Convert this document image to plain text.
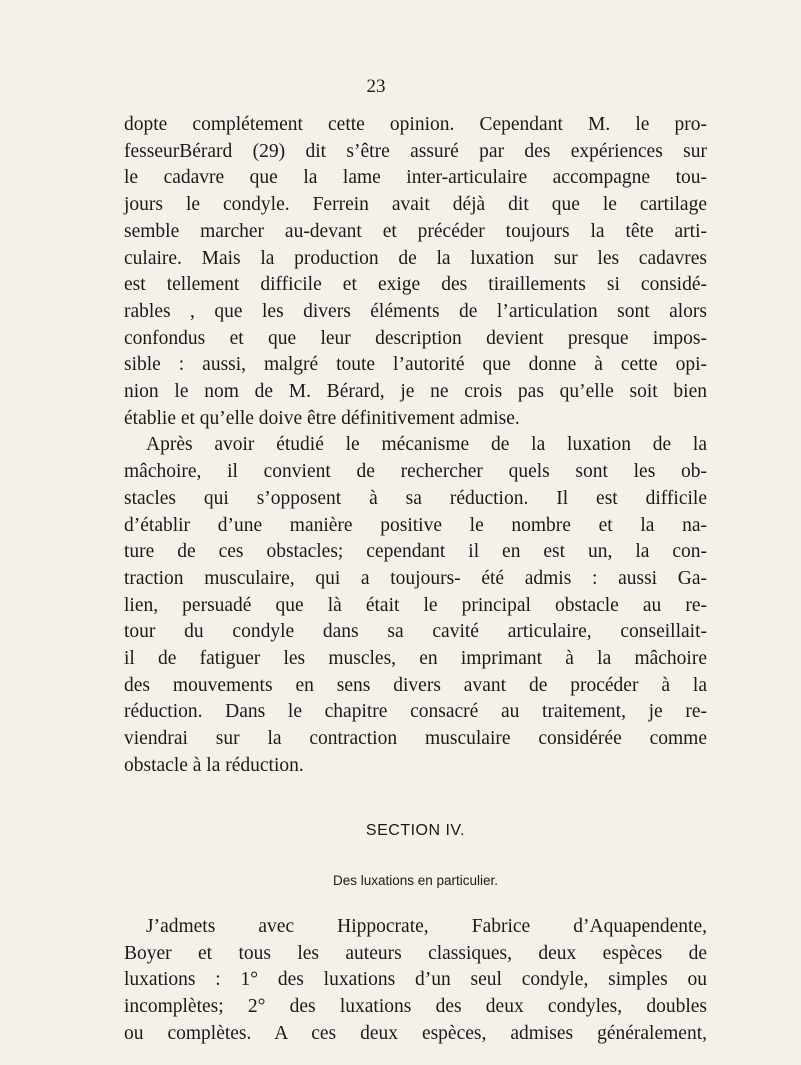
23

dopte complétement cette opinion. Cependant M. le pro-
fesseurBérard (29) dit s’être assuré par des expériences sur
le cadavre que la lame inter-articulaire accompagne tou-
jours le condyle. Ferrein avait déjà dit que le cartilage
semble marcher au-devant et précéder toujours la tête arti-
culaire. Mais la production de la luxation sur les cadavres
est tellement difficile et exige des tiraillements si considé-
rables , que les divers éléments de l’articulation sont alors
confondus et que leur description devient presque impos-
sible : aussi, malgré toute l’autorité que donne à cette opi-
nion le nom de M. Bérard, je ne crois pas qu’elle soit bien
établie et qu’elle doive être définitivement admise.

Après avoir étudié le mécanisme de la luxation de la
mâchoire, il convient de rechercher quels sont les ob-
stacles qui s’opposent à sa réduction. Il est difficile
d’établir d’une manière positive le nombre et la na-
ture de ces obstacles; cependant il en est un, la con-
traction musculaire, qui a toujours- été admis : aussi Ga-
lien, persuadé que là était le principal obstacle au re-
tour du condyle dans sa cavité articulaire, conseillait-
il de fatiguer les muscles, en imprimant à la mâchoire
des mouvements en sens divers avant de procéder à la
réduction. Dans le chapitre consacré au traitement, je re-
viendrai sur la contraction musculaire considérée comme
obstacle à la réduction.

SECTION IV.
Des luxations en particulier.

J’admets avec Hippocrate, Fabrice d’Aquapendente,
Boyer et tous les auteurs classiques, deux espèces de
luxations : 1° des luxations d’un seul condyle, simples ou
incomplètes; 2° des luxations des deux condyles, doubles
ou complètes. A ces deux espèces, admises généralement,
